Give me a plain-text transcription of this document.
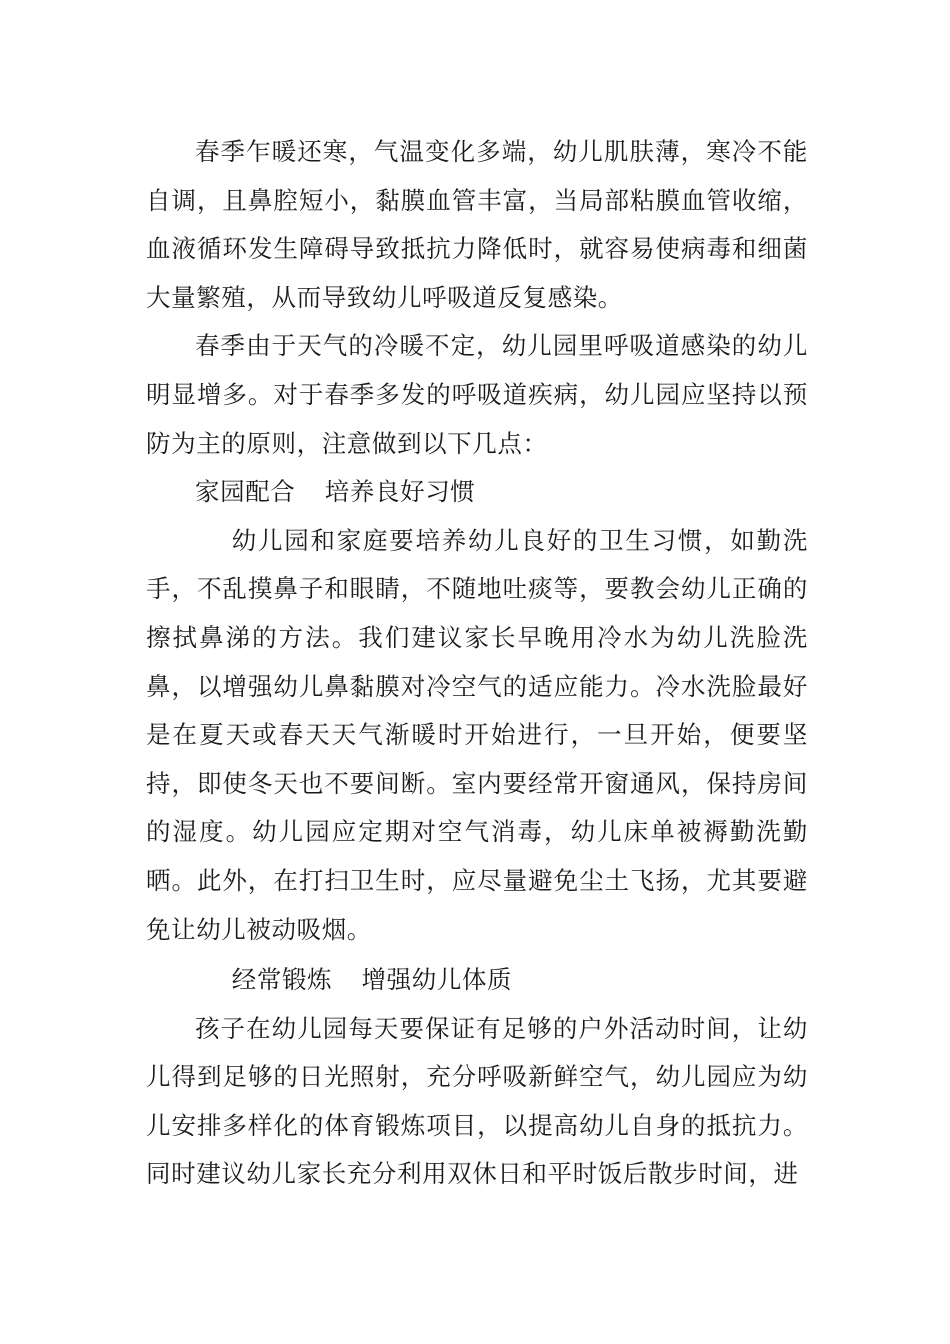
春季乍暖还寒，气温变化多端，幼儿肌肤薄，寒冷不能自调，且鼻腔短小，黏膜血管丰富，当局部粘膜血管收缩，血液循环发生障碍导致抵抗力降低时，就容易使病毒和细菌大量繁殖，从而导致幼儿呼吸道反复感染。

春季由于天气的冷暖不定，幼儿园里呼吸道感染的幼儿明显增多。对于春季多发的呼吸道疾病，幼儿园应坚持以预防为主的原则，注意做到以下几点：

家园配合 培养良好习惯

幼儿园和家庭要培养幼儿良好的卫生习惯，如勤洗手，不乱摸鼻子和眼睛，不随地吐痰等，要教会幼儿正确的擦拭鼻涕的方法。我们建议家长早晚用冷水为幼儿洗脸洗鼻，以增强幼儿鼻黏膜对冷空气的适应能力。冷水洗脸最好是在夏天或春天天气渐暖时开始进行，一旦开始，便要坚持，即使冬天也不要间断。室内要经常开窗通风，保持房间的湿度。幼儿园应定期对空气消毒，幼儿床单被褥勤洗勤晒。此外，在打扫卫生时，应尽量避免尘土飞扬，尤其要避免让幼儿被动吸烟。

经常锻炼 增强幼儿体质

孩子在幼儿园每天要保证有足够的户外活动时间，让幼儿得到足够的日光照射，充分呼吸新鲜空气，幼儿园应为幼儿安排多样化的体育锻炼项目，以提高幼儿自身的抵抗力。同时建议幼儿家长充分利用双休日和平时饭后散步时间，进
